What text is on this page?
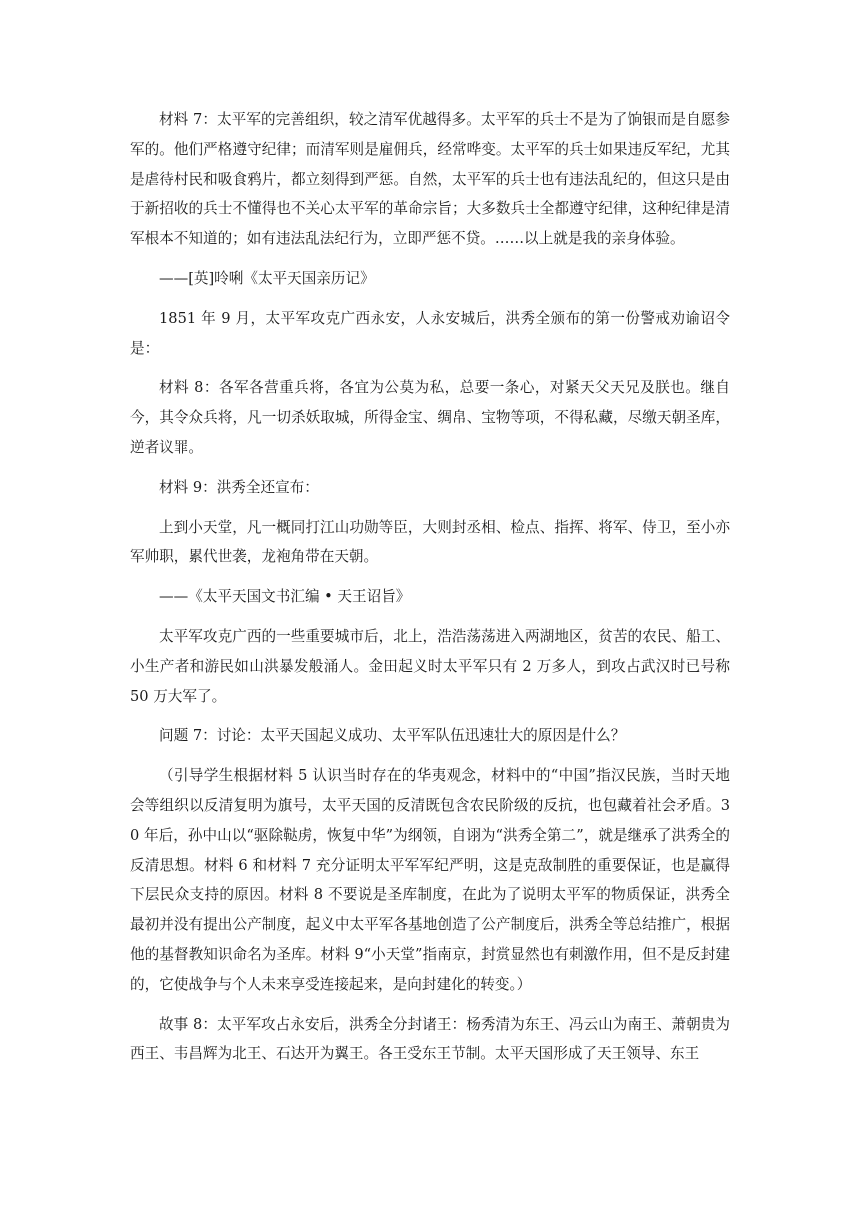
材料 7：太平军的完善组织，较之清军优越得多。太平军的兵士不是为了饷银而是自愿参军的。他们严格遵守纪律；而清军则是雇佣兵，经常哗变。太平军的兵士如果违反军纪，尤其是虐待村民和吸食鸦片，都立刻得到严惩。自然，太平军的兵士也有违法乱纪的，但这只是由于新招收的兵士不懂得也不关心太平军的革命宗旨；大多数兵士全都遵守纪律，这种纪律是清军根本不知道的；如有违法乱法纪行为，立即严惩不贷。……以上就是我的亲身体验。

——[英]呤唎《太平天国亲历记》

1851 年 9 月，太平军攻克广西永安，人永安城后，洪秀全颁布的第一份警戒劝谕诏令是：

材料 8：各军各营重兵将，各宜为公莫为私，总要一条心，对紧天父天兄及朕也。继自今，其令众兵将，凡一切杀妖取城，所得金宝、绸帛、宝物等项，不得私藏，尽缴天朝圣库，逆者议罪。

材料 9：洪秀全还宣布：

上到小天堂，凡一概同打江山功勋等臣，大则封丞相、检点、指挥、将军、侍卫，至小亦军帅职，累代世袭，龙袍角带在天朝。

——《太平天国文书汇编 • 天王诏旨》

太平军攻克广西的一些重要城市后，北上，浩浩荡荡进入两湖地区，贫苦的农民、船工、小生产者和游民如山洪暴发般涌人。金田起义时太平军只有 2 万多人，到攻占武汉时已号称 50 万大军了。

问题 7：讨论：太平天国起义成功、太平军队伍迅速壮大的原因是什么？

（引导学生根据材料 5 认识当时存在的华夷观念，材料中的“中国”指汉民族，当时天地会等组织以反清复明为旗号，太平天国的反清既包含农民阶级的反抗，也包藏着社会矛盾。30 年后，孙中山以“驱除鞑虏，恢复中华”为纲领，自诩为“洪秀全第二”，就是继承了洪秀全的反清思想。材料 6 和材料 7 充分证明太平军军纪严明，这是克敌制胜的重要保证，也是赢得下层民众支持的原因。材料 8 不要说是圣库制度，在此为了说明太平军的物质保证，洪秀全最初并没有提出公产制度，起义中太平军各基地创造了公产制度后，洪秀全等总结推广，根据他的基督教知识命名为圣库。材料 9“小天堂”指南京，封赏显然也有刺激作用，但不是反封建的，它使战争与个人未来享受连接起来，是向封建化的转变。）

故事 8：太平军攻占永安后，洪秀全分封诸王：杨秀清为东王、冯云山为南王、萧朝贵为西王、韦昌辉为北王、石达开为翼王。各王受东王节制。太平天国形成了天王领导、东王
